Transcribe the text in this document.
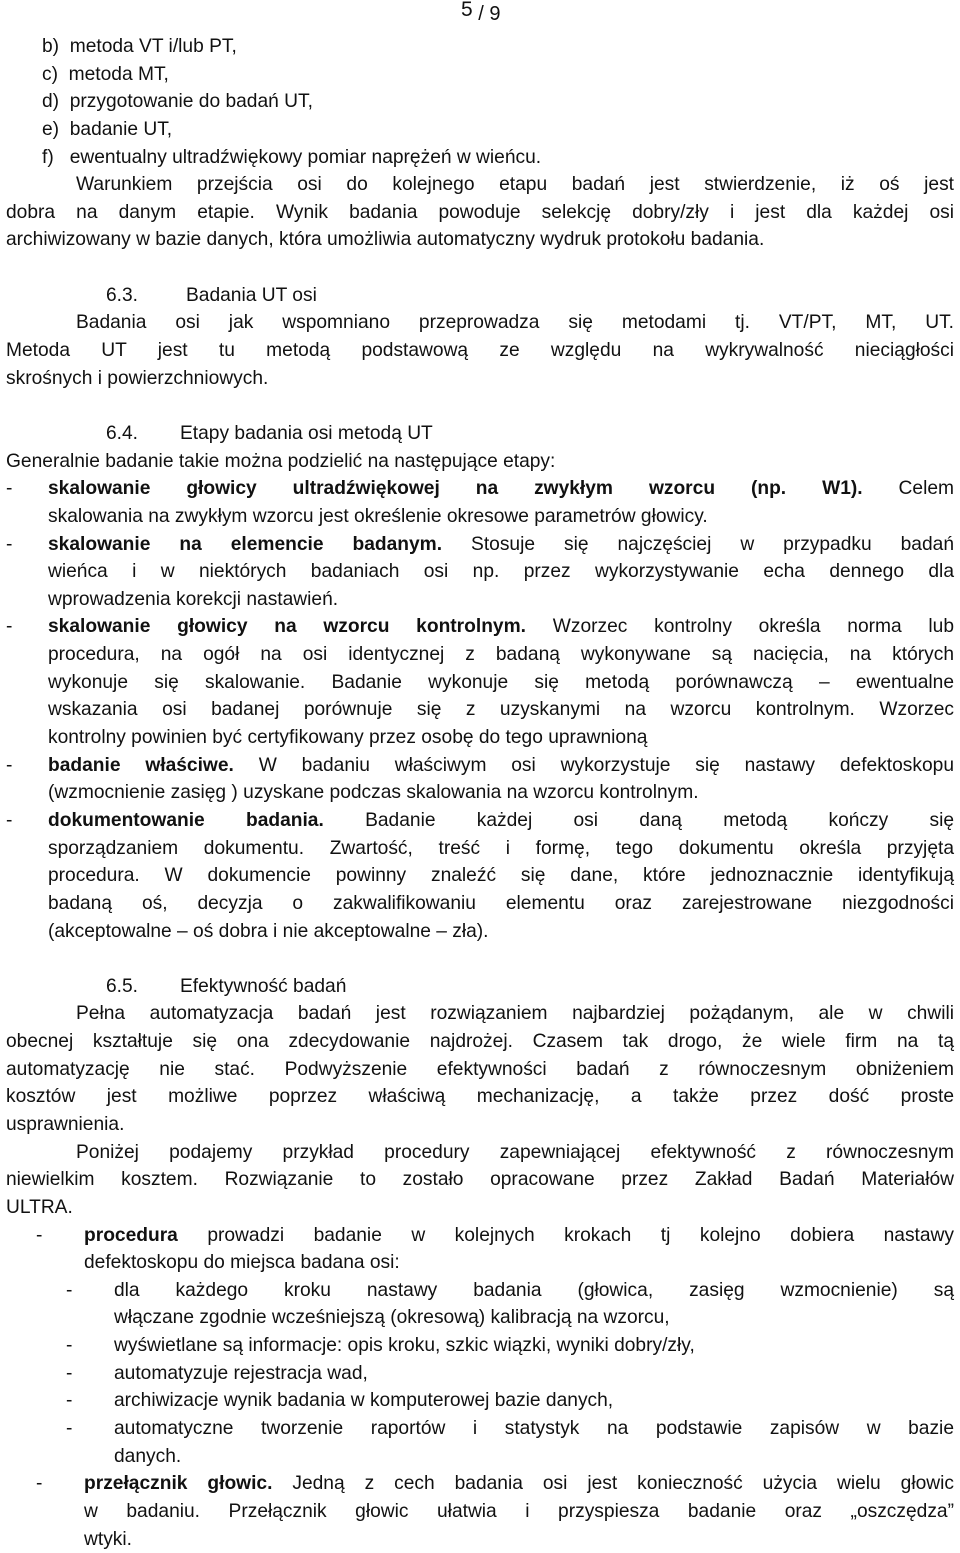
5 / 9
b)  metoda VT i/lub PT,
c)  metoda MT,
d)  przygotowanie do badań UT,
e)  badanie UT,
f)   ewentualny ultradźwiękowy pomiar naprężeń w wieńcu.
Warunkiem przejścia osi do kolejnego etapu badań jest stwierdzenie, iż oś jest
dobra na danym etapie. Wynik badania powoduje selekcję dobry/zły i jest dla każdej osi
archiwizowany w bazie danych, która umożliwia automatyczny wydruk protokołu badania.
6.3. Badania UT osi
Badania osi jak wspomniano przeprowadza się metodami tj. VT/PT, MT, UT.
Metoda UT jest tu metodą podstawową ze względu na wykrywalność nieciągłości
skrośnych i powierzchniowych.
6.4. Etapy badania osi metodą UT
Generalnie badanie takie można podzielić na następujące etapy:
-	skalowanie głowicy ultradźwiękowej na zwykłym wzorcu (np. W1). Celem
skalowania na zwykłym wzorcu jest określenie okresowe parametrów głowicy.
-	skalowanie na elemencie badanym. Stosuje się najczęściej w przypadku badań
wieńca i w niektórych badaniach osi np. przez wykorzystywanie echa dennego dla
wprowadzenia korekcji nastawień.
-	skalowanie głowicy na wzorcu kontrolnym. Wzorzec kontrolny określa norma lub
procedura, na ogół na osi identycznej z badaną wykonywane są nacięcia, na których
wykonuje się skalowanie. Badanie wykonuje się metodą porównawczą – ewentualne
wskazania osi badanej porównuje się z uzyskanymi na wzorcu kontrolnym. Wzorzec
kontrolny powinien być certyfikowany przez osobę do tego uprawnioną
-	badanie właściwe. W badaniu właściwym osi wykorzystuje się nastawy defektoskopu
(wzmocnienie zasięg ) uzyskane podczas skalowania na wzorcu kontrolnym.
-	dokumentowanie badania. Badanie każdej osi daną metodą kończy się
sporządzaniem dokumentu. Zwartość, treść i formę, tego dokumentu określa przyjęta
procedura. W dokumencie powinny znaleźć się dane, które jednoznacznie identyfikują
badaną oś, decyzja o zakwalifikowaniu elementu oraz zarejestrowane niezgodności
(akceptowalne – oś dobra i nie akceptowalne – zła).
6.5. Efektywność badań
Pełna automatyzacja badań jest rozwiązaniem najbardziej pożądanym, ale w chwili
obecnej kształtuje się ona zdecydowanie najdrożej. Czasem tak drogo, że wiele firm na tą
automatyzację nie stać. Podwyższenie efektywności badań z równoczesnym obniżeniem
kosztów jest możliwe poprzez właściwą mechanizację, a także przez dość proste
usprawnienia.
Poniżej podajemy przykład procedury zapewniającej efektywność z równoczesnym
niewielkim kosztem. Rozwiązanie to zostało opracowane przez Zakład Badań Materiałów
ULTRA.
-	procedura prowadzi badanie w kolejnych krokach tj kolejno dobiera nastawy
defektoskopu do miejsca badana osi:
-	dla każdego kroku nastawy badania (głowica, zasięg wzmocnienie) są
włączane zgodnie wcześniejszą (okresową) kalibracją na wzorcu,
-	wyświetlane są informacje: opis kroku, szkic wiązki, wyniki dobry/zły,
-	automatyzuje rejestracja wad,
-	archiwizacje wynik badania w komputerowej bazie danych,
-	automatyczne tworzenie raportów i statystyk na podstawie zapisów w bazie
danych.
-	przełącznik głowic. Jedną z cech badania osi jest konieczność użycia wielu głowic
w badaniu. Przełącznik głowic ułatwia i przyspiesza badanie oraz „oszczędza”
wtyki.
